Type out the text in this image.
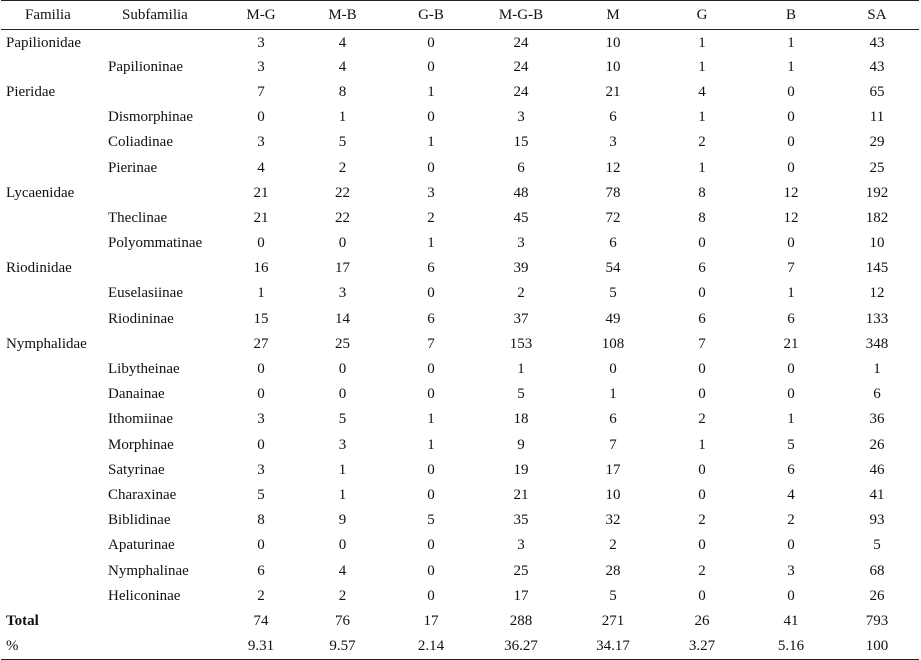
Familia	Subfamilia	M-G	M-B	G-B	M-G-B	M	G	B	SA
Papilionidae		3	4	0	24	10	1	1	43
	Papilioninae	3	4	0	24	10	1	1	43
Pieridae		7	8	1	24	21	4	0	65
	Dismorphinae	0	1	0	3	6	1	0	11
	Coliadinae	3	5	1	15	3	2	0	29
	Pierinae	4	2	0	6	12	1	0	25
Lycaenidae		21	22	3	48	78	8	12	192
	Theclinae	21	22	2	45	72	8	12	182
	Polyommatinae	0	0	1	3	6	0	0	10
Riodinidae		16	17	6	39	54	6	7	145
	Euselasiinae	1	3	0	2	5	0	1	12
	Riodininae	15	14	6	37	49	6	6	133
Nymphalidae		27	25	7	153	108	7	21	348
	Libytheinae	0	0	0	1	0	0	0	1
	Danainae	0	0	0	5	1	0	0	6
	Ithomiinae	3	5	1	18	6	2	1	36
	Morphinae	0	3	1	9	7	1	5	26
	Satyrinae	3	1	0	19	17	0	6	46
	Charaxinae	5	1	0	21	10	0	4	41
	Biblidinae	8	9	5	35	32	2	2	93
	Apaturinae	0	0	0	3	2	0	0	5
	Nymphalinae	6	4	0	25	28	2	3	68
	Heliconinae	2	2	0	17	5	0	0	26
Total		74	76	17	288	271	26	41	793
%		9.31	9.57	2.14	36.27	34.17	3.27	5.16	100
